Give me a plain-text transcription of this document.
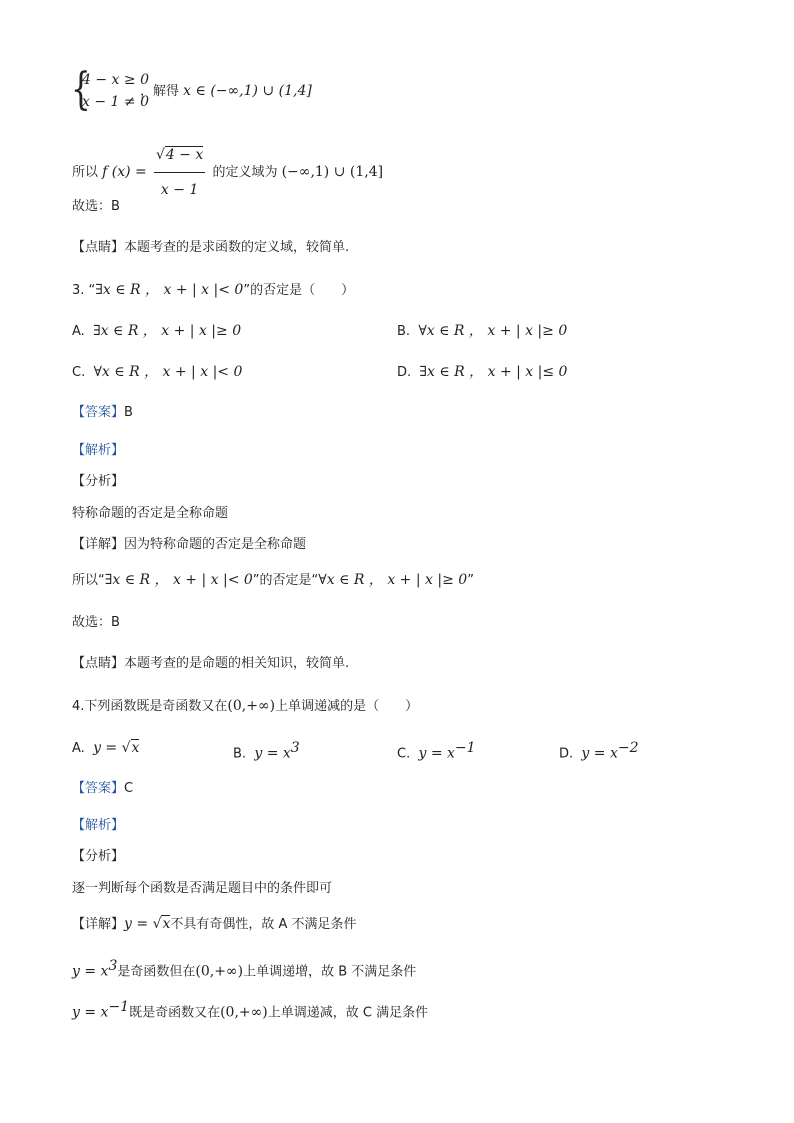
{
4 − x ≥ 0
x − 1 ≠ 0
，解得 x ∈ (−∞,1) ∪ (1,4]
所以 f $(x) = \frac{√4 - x}{x - 1}$ 的定义域为 (−∞,1) ∪ (1,4]
故选：B
【点睛】本题考查的是求函数的定义域，较简单.
3. “∃x ∈ R ， x + | x |< 0”的否定是（　　）
A. ∃x ∈ R ， x + | x |≥ 0	B. ∀x ∈ R ， x + | x |≥ 0
C. ∀x ∈ R ， x + | x |< 0	D. ∃x ∈ R ， x + | x |≤ 0
【答案】B
【解析】
【分析】
特称命题的否定是全称命题
【详解】因为特称命题的否定是全称命题
所以“∃x ∈ R ， x + | x |< 0”的否定是“∀x ∈ R ， x + | x |≥ 0”
故选：B
【点睛】本题考查的是命题的相关知识，较简单.
4.下列函数既是奇函数又在(0,+∞)上单调递减的是（　　）
A. y = √x	B. $y = x^3$	C. $y = x^{-1}$	D. $y = x^{-2}$
【答案】C
【解析】
【分析】
逐一判断每个函数是否满足题目中的条件即可
【详解】y = √x不具有奇偶性，故 A 不满足条件
$y = x^3$是奇函数但在(0,+∞)上单调递增，故 B 不满足条件
$y = x^{-1}$既是奇函数又在(0,+∞)上单调递减，故 C 满足条件
